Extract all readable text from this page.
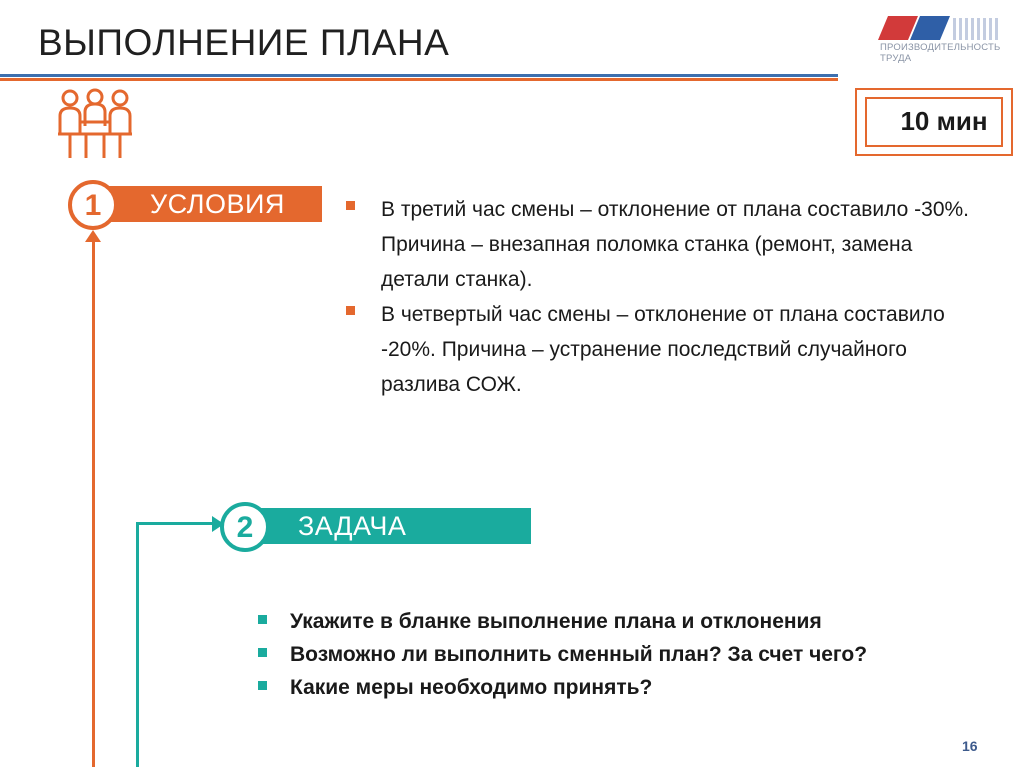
ВЫПОЛНЕНИЕ ПЛАНА	ПРОИЗВОДИТЕЛЬНОСТЬ ТРУДА
10 мин
УСЛОВИЯ
1	В третий час смены – отклонение от плана составило -30%. Причина – внезапная поломка станка (ремонт, замена детали станка).
В четвертый час смены – отклонение от плана составило -20%. Причина – устранение последствий случайного разлива СОЖ.
ЗАДАЧА
2
Укажите в бланке выполнение плана и отклонения
Возможно ли выполнить сменный план? За счет чего?
Какие меры необходимо принять?
16
